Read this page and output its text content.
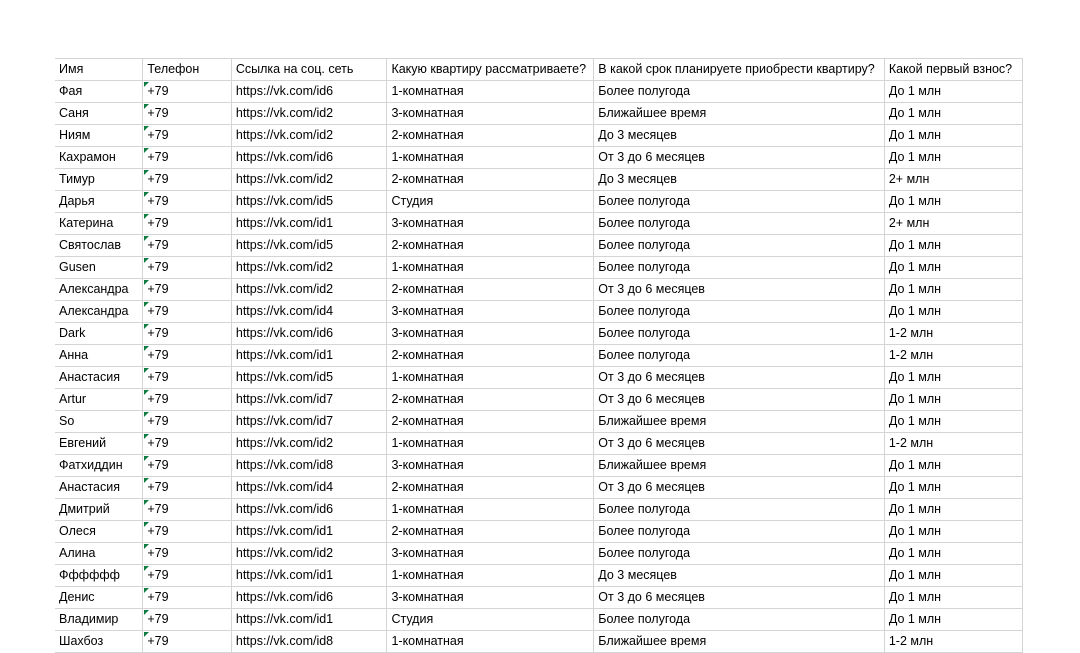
Имя	Телефон	Ссылка на соц. сеть	Какую квартиру рассматриваете?	В какой срок планируете приобрести квартиру?	Какой первый взнос?

Фая	+79	https://vk.com/id6	1-комнатная	Более полугода	До 1 млн

Саня	+79	https://vk.com/id2	3-комнатная	Ближайшее время	До 1 млн

Ниям	+79	https://vk.com/id2	2-комнатная	До 3 месяцев	До 1 млн

Кахрамон	+79	https://vk.com/id6	1-комнатная	От 3 до 6 месяцев	До 1 млн

Тимур	+79	https://vk.com/id2	2-комнатная	До 3 месяцев	2+ млн

Дарья	+79	https://vk.com/id5	Студия	Более полугода	До 1 млн

Катерина	+79	https://vk.com/id1	3-комнатная	Более полугода	2+ млн

Святослав	+79	https://vk.com/id5	2-комнатная	Более полугода	До 1 млн

Gusen	+79	https://vk.com/id2	1-комнатная	Более полугода	До 1 млн

Александра	+79	https://vk.com/id2	2-комнатная	От 3 до 6 месяцев	До 1 млн

Александра	+79	https://vk.com/id4	3-комнатная	Более полугода	До 1 млн

Dark	+79	https://vk.com/id6	3-комнатная	Более полугода	1-2 млн

Анна	+79	https://vk.com/id1	2-комнатная	Более полугода	1-2 млн

Анастасия	+79	https://vk.com/id5	1-комнатная	От 3 до 6 месяцев	До 1 млн

Artur	+79	https://vk.com/id7	2-комнатная	От 3 до 6 месяцев	До 1 млн

So	+79	https://vk.com/id7	2-комнатная	Ближайшее время	До 1 млн

Евгений	+79	https://vk.com/id2	1-комнатная	От 3 до 6 месяцев	1-2 млн

Фатхиддин	+79	https://vk.com/id8	3-комнатная	Ближайшее время	До 1 млн

Анастасия	+79	https://vk.com/id4	2-комнатная	От 3 до 6 месяцев	До 1 млн

Дмитрий	+79	https://vk.com/id6	1-комнатная	Более полугода	До 1 млн

Олеся	+79	https://vk.com/id1	2-комнатная	Более полугода	До 1 млн

Алина	+79	https://vk.com/id2	3-комнатная	Более полугода	До 1 млн

Фффффф	+79	https://vk.com/id1	1-комнатная	До 3 месяцев	До 1 млн

Денис	+79	https://vk.com/id6	3-комнатная	От 3 до 6 месяцев	До 1 млн

Владимир	+79	https://vk.com/id1	Студия	Более полугода	До 1 млн

Шахбоз	+79	https://vk.com/id8	1-комнатная	Ближайшее время	1-2 млн
